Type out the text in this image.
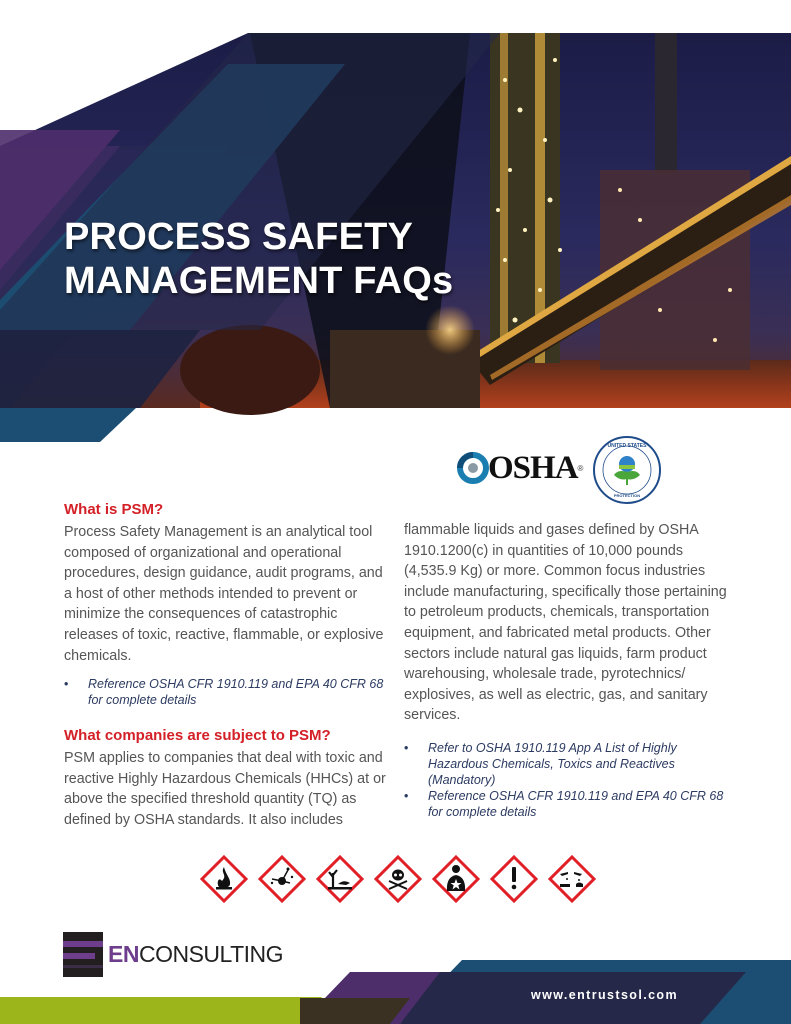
PROCESS SAFETY
MANAGEMENT FAQs
OSHA ®
UNITED STATES
PROTECTION
What is PSM?
Process Safety Management is an analytical tool composed of organizational and operational procedures, design guidance, audit programs, and a host of other methods intended to prevent or minimize the consequences of catastrophic releases of toxic, reactive, flammable, or explosive chemicals.
• Reference OSHA CFR 1910.119 and EPA 40 CFR 68 for complete details
What companies are subject to PSM?
PSM applies to companies that deal with toxic and reactive Highly Hazardous Chemicals (HHCs) at or above the specified threshold quantity (TQ) as defined by OSHA standards. It also includes
flammable liquids and gases defined by OSHA 1910.1200(c) in quantities of 10,000 pounds (4,535.9 Kg) or more. Common focus industries include manufacturing, specifically those pertaining to petroleum products, chemicals, transportation equipment, and fabricated metal products. Other sectors include natural gas liquids, farm product warehousing, wholesale trade, pyrotechnics/ explosives, as well as electric, gas, and sanitary services.
• Refer to OSHA 1910.119 App A List of Highly Hazardous Chemicals, Toxics and Reactives (Mandatory)
• Reference OSHA CFR 1910.119 and EPA 40 CFR 68 for complete details
ENCONSULTING
www.entrustsol.com
